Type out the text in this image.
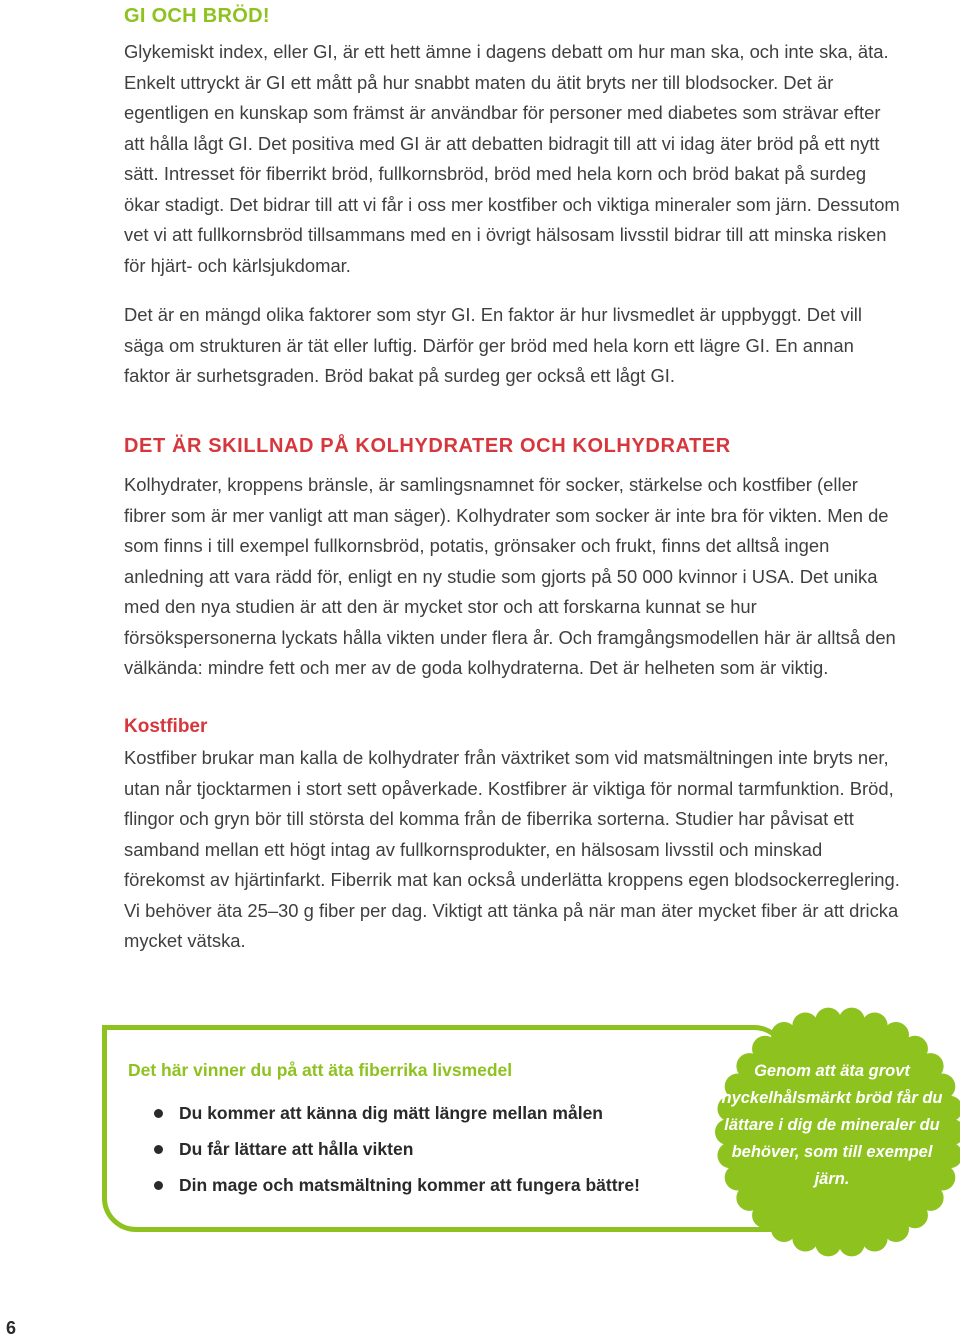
GI OCH BRÖD!

Glykemiskt index, eller GI, är ett hett ämne i dagens debatt om hur man ska, och inte ska, äta. Enkelt uttryckt är GI ett mått på hur snabbt maten du ätit bryts ner till blodsocker. Det är egentligen en kunskap som främst är användbar för personer med diabetes som strävar efter att hålla lågt GI. Det positiva med GI är att debatten bidragit till att vi idag äter bröd på ett nytt sätt. Intresset för fiberrikt bröd, fullkornsbröd, bröd med hela korn och bröd bakat på surdeg ökar stadigt. Det bidrar till att vi får i oss mer kostfiber och viktiga mineraler som järn. Dessutom vet vi att fullkornsbröd tillsammans med en i övrigt hälsosam livsstil bidrar till att minska risken för hjärt- och kärlsjukdomar.

Det är en mängd olika faktorer som styr GI. En faktor är hur livsmedlet är uppbyggt. Det vill säga om strukturen är tät eller luftig. Därför ger bröd med hela korn ett lägre GI. En annan faktor är surhetsgraden. Bröd bakat på surdeg ger också ett lågt GI.

DET ÄR SKILLNAD PÅ KOLHYDRATER OCH KOLHYDRATER

Kolhydrater, kroppens bränsle, är samlingsnamnet för socker, stärkelse och kostfiber (eller fibrer som är mer vanligt att man säger). Kolhydrater som socker är inte bra för vikten. Men de som finns i till exempel fullkornsbröd, potatis, grönsaker och frukt, finns det alltså ingen anledning att vara rädd för, enligt en ny studie som gjorts på 50 000 kvinnor i USA. Det unika med den nya studien är att den är mycket stor och att forskarna kunnat se hur försökspersonerna lyckats hålla vikten under flera år. Och framgångsmodellen här är alltså den välkända: mindre fett och mer av de goda kolhydraterna. Det är helheten som är viktig.

Kostfiber

Kostfiber brukar man kalla de kolhydrater från växtriket som vid matsmältningen inte bryts ner, utan når tjocktarmen i stort sett opåverkade. Kostfibrer är viktiga för normal tarmfunktion. Bröd, flingor och gryn bör till största del komma från de fiberrika sorterna. Studier har påvisat ett samband mellan ett högt intag av fullkornsprodukter, en hälsosam livsstil och minskad förekomst av hjärtinfarkt. Fiberrik mat kan också underlätta kroppens egen blodsockerreglering. Vi behöver äta 25–30 g fiber per dag. Viktigt att tänka på när man äter mycket fiber är att dricka mycket vätska.

Det här vinner du på att äta fiberrika livsmedel

Du kommer att känna dig mätt längre mellan målen
Du får lättare att hålla vikten
Din mage och matsmältning kommer att fungera bättre!

Genom att äta grovt nyckelhålsmärkt bröd får du lättare i dig de mineraler du behöver, som till exempel järn.

6
